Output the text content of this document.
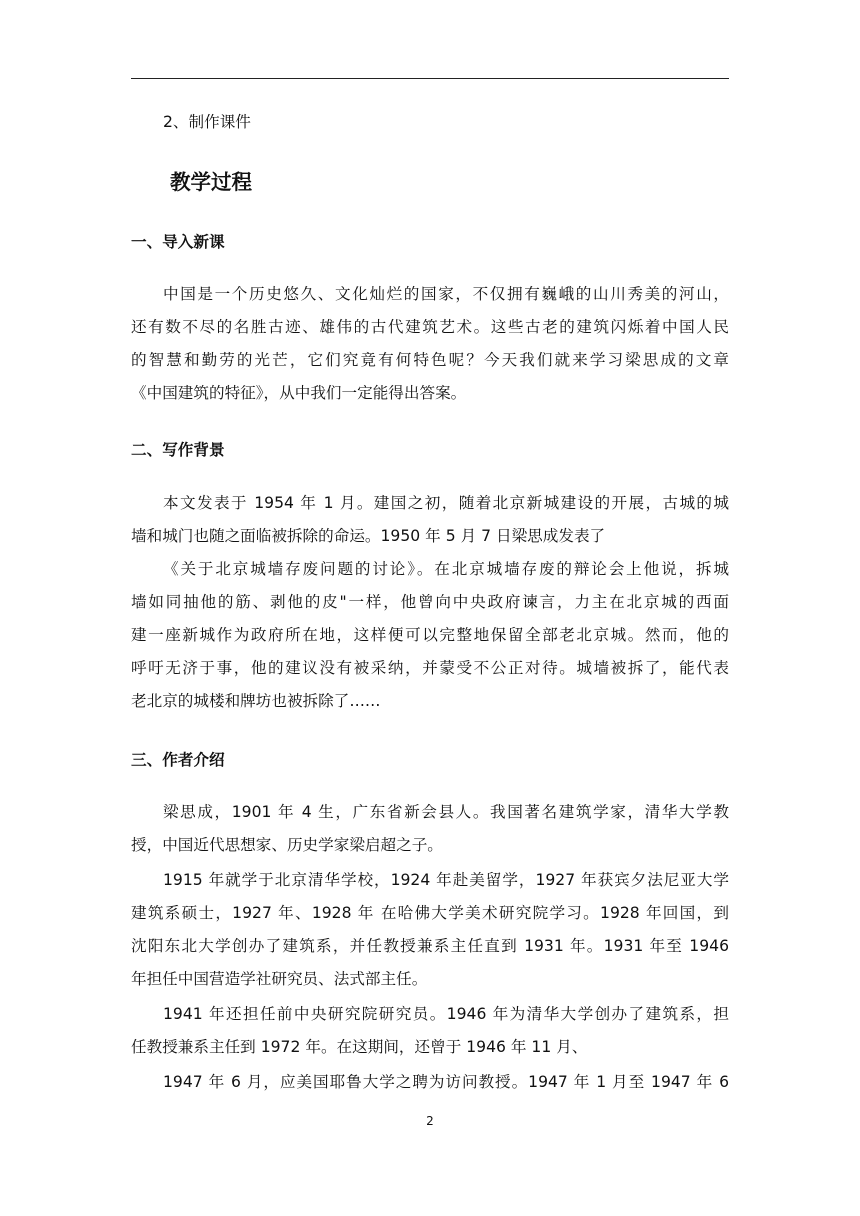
2、制作课件
教学过程
一、导入新课
中国是一个历史悠久、文化灿烂的国家，不仅拥有巍峨的山川秀美的河山，
还有数不尽的名胜古迹、雄伟的古代建筑艺术。这些古老的建筑闪烁着中国人民
的智慧和勤劳的光芒，它们究竟有何特色呢？今天我们就来学习梁思成的文章
《中国建筑的特征》，从中我们一定能得出答案。
二、写作背景
本文发表于 1954 年 1 月。建国之初，随着北京新城建设的开展，古城的城
墙和城门也随之面临被拆除的命运。1950 年 5 月 7 日梁思成发表了
《关于北京城墙存废问题的讨论》。在北京城墙存废的辩论会上他说，拆城
墙如同抽他的筋、剥他的皮"一样，他曾向中央政府谏言，力主在北京城的西面
建一座新城作为政府所在地，这样便可以完整地保留全部老北京城。然而，他的
呼吁无济于事，他的建议没有被采纳，并蒙受不公正对待。城墙被拆了，能代表
老北京的城楼和牌坊也被拆除了……
三、作者介绍
梁思成，1901 年 4 生，广东省新会县人。我国著名建筑学家，清华大学教
授，中国近代思想家、历史学家梁启超之子。
1915 年就学于北京清华学校，1924 年赴美留学，1927 年获宾夕法尼亚大学
建筑系硕士，1927 年、1928 年 在哈佛大学美术研究院学习。1928 年回国，到
沈阳东北大学创办了建筑系，并任教授兼系主任直到 1931 年。1931 年至 1946
年担任中国营造学社研究员、法式部主任。
1941 年还担任前中央研究院研究员。1946 年为清华大学创办了建筑系，担
任教授兼系主任到 1972 年。在这期间，还曾于 1946 年 11 月、
1947 年 6 月，应美国耶鲁大学之聘为访问教授。1947 年 1 月至 1947 年 6
2
